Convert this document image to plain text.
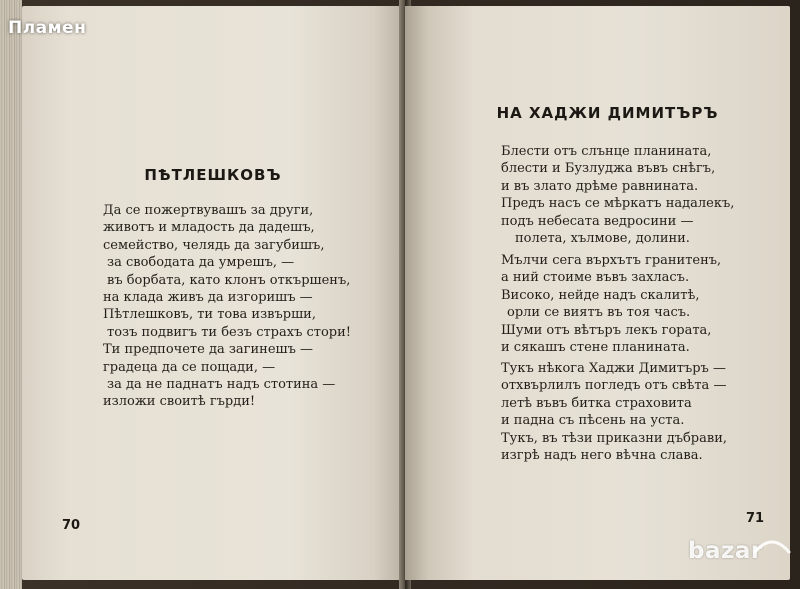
ПѢТЛЕШКОВЪ
Да се пожертвувашъ за други,
животъ и младость да дадешъ,
семейство, челядь да загубишъ,
за свободата да умрешъ, —
въ борбата, като клонъ откършенъ,
на клада живъ да изгоришъ —
Пѣтлешковъ, ти това извърши,
тозъ подвигъ ти безъ страхъ стори!
Ти предпочете да загинешъ —
градеца да се пощади, —
за да не паднатъ надъ стотина —
изложи своитѣ гърди!
70
НА ХАДЖИ ДИМИТЪРЪ
Блести отъ слънце планината,
блести и Бузлуджа въвъ снѣгъ,
и въ злато дрѣме равнината.
Предъ насъ се мѣркатъ надалекъ,
подъ небесата ведросини —
полета, хълмове, долини.
Мълчи сега върхътъ гранитенъ,
а ний стоиме въвъ захласъ.
Високо, нейде надъ скалитѣ,
орли се виятъ въ тоя часъ.
Шуми отъ вѣтъръ лекъ гората,
и сякашъ стене планината.
Тукъ нѣкога Хаджи Димитъръ —
отхвърлилъ погледъ отъ свѣта —
летѣ въвъ битка страховита
и падна съ пѣсень на уста.
Тукъ, въ тѣзи приказни дъбрави,
изгрѣ надъ него вѣчна слава.
71
Пламен
bazar
